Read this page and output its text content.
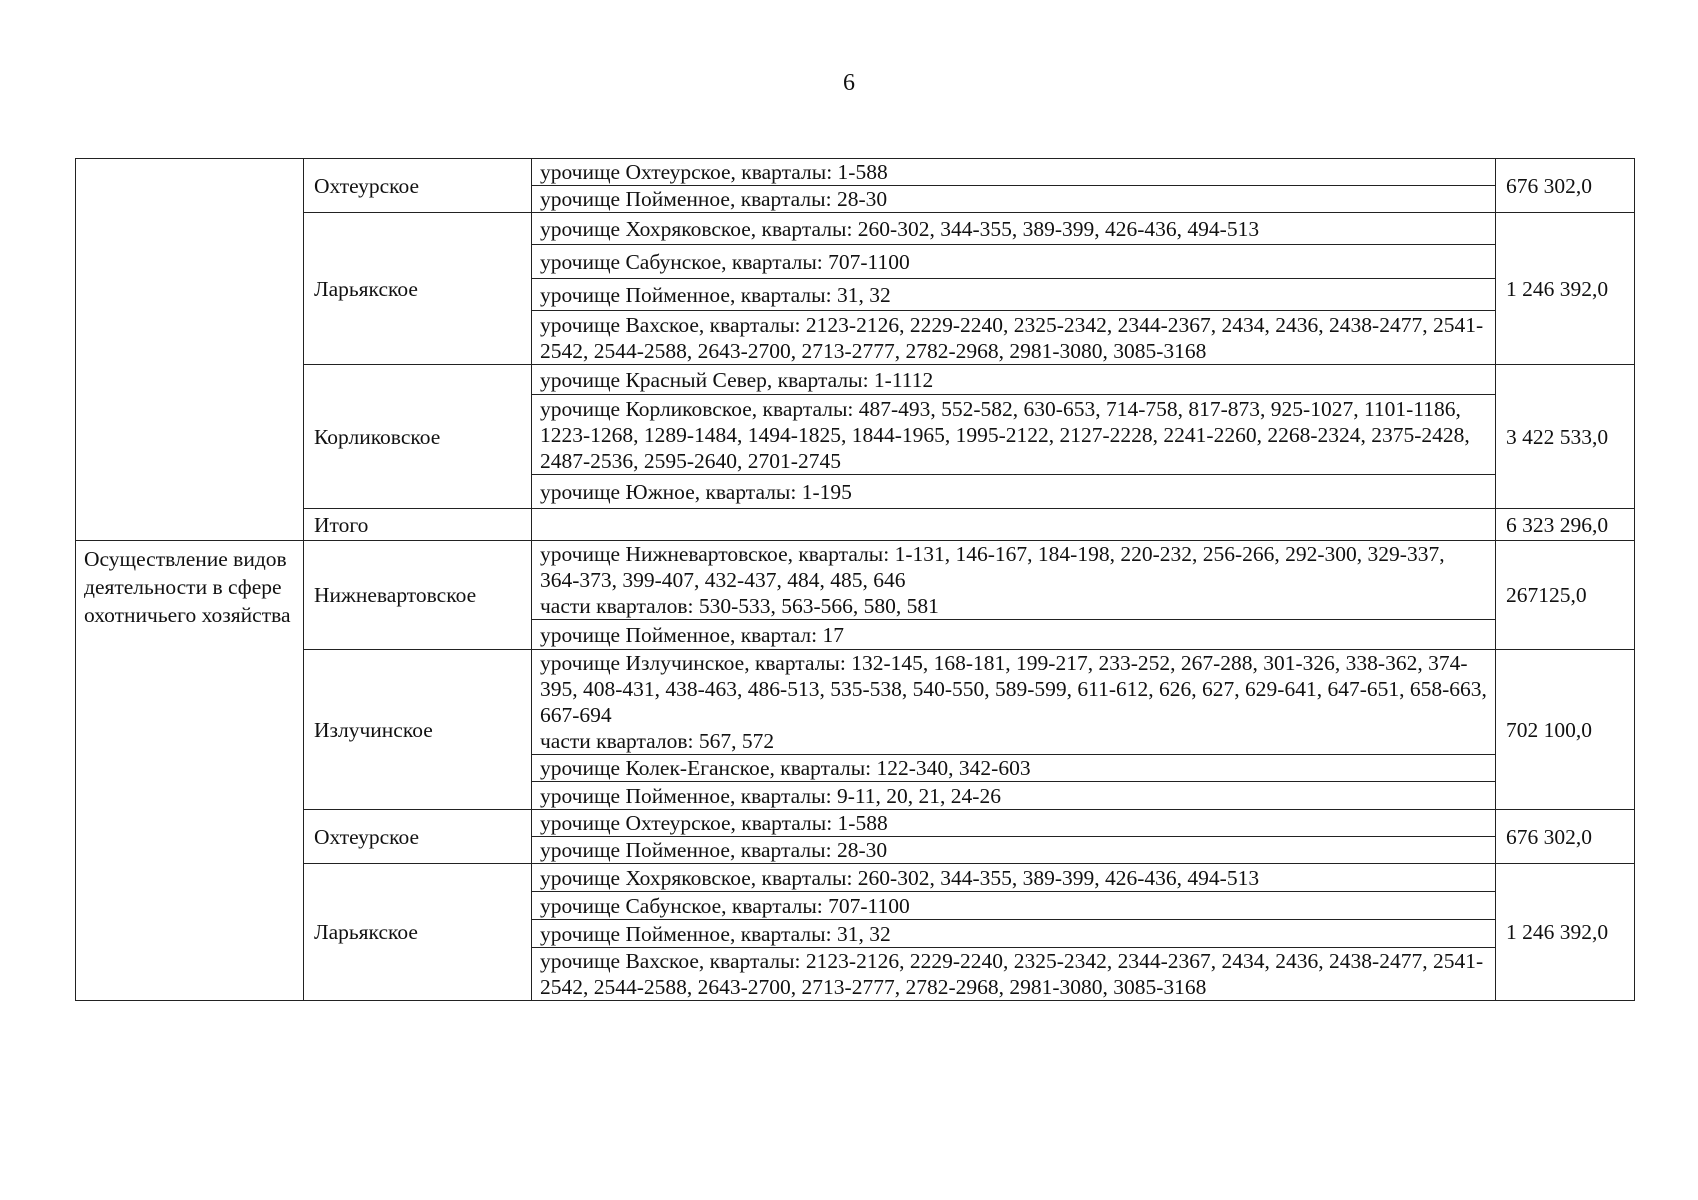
6
	Охтеурское	урочище Охтеурское, кварталы: 1-588	676 302,0
		урочище Пойменное, кварталы: 28-30	
	Ларьякское	урочище Хохряковское, кварталы: 260-302, 344-355, 389-399, 426-436, 494-513	1 246 392,0
		урочище Сабунское, кварталы: 707-1100	
		урочище Пойменное, кварталы: 31, 32	
		урочище Вахское, кварталы: 2123-2126, 2229-2240, 2325-2342, 2344-2367, 2434, 2436, 2438-2477, 2541-2542, 2544-2588, 2643-2700, 2713-2777, 2782-2968, 2981-3080, 3085-3168	
	Корликовское	урочище Красный Север, кварталы: 1-1112	3 422 533,0
		урочище Корликовское, кварталы: 487-493, 552-582, 630-653, 714-758, 817-873, 925-1027, 1101-1186, 1223-1268, 1289-1484, 1494-1825, 1844-1965, 1995-2122, 2127-2228, 2241-2260, 2268-2324, 2375-2428, 2487-2536, 2595-2640, 2701-2745	
		урочище Южное, кварталы: 1-195	
	Итого		6 323 296,0
Осуществление видов деятельности в сфере охотничьего хозяйства	Нижневартовское	урочище Нижневартовское, кварталы: 1-131, 146-167, 184-198, 220-232, 256-266, 292-300, 329-337, 364-373, 399-407, 432-437, 484, 485, 646
части кварталов: 530-533, 563-566, 580, 581	267125,0
		урочище Пойменное, квартал: 17	
	Излучинское	урочище Излучинское, кварталы: 132-145, 168-181, 199-217, 233-252, 267-288, 301-326, 338-362, 374-395, 408-431, 438-463, 486-513, 535-538, 540-550, 589-599, 611-612, 626, 627, 629-641, 647-651, 658-663, 667-694
части кварталов: 567, 572	702 100,0
		урочище Колек-Еганское, кварталы: 122-340, 342-603	
		урочище Пойменное, кварталы: 9-11, 20, 21, 24-26	
	Охтеурское	урочище Охтеурское, кварталы: 1-588	676 302,0
		урочище Пойменное, кварталы: 28-30	
	Ларьякское	урочище Хохряковское, кварталы: 260-302, 344-355, 389-399, 426-436, 494-513	1 246 392,0
		урочище Сабунское, кварталы: 707-1100	
		урочище Пойменное, кварталы: 31, 32	
		урочище Вахское, кварталы: 2123-2126, 2229-2240, 2325-2342, 2344-2367, 2434, 2436, 2438-2477, 2541-2542, 2544-2588, 2643-2700, 2713-2777, 2782-2968, 2981-3080, 3085-3168	
